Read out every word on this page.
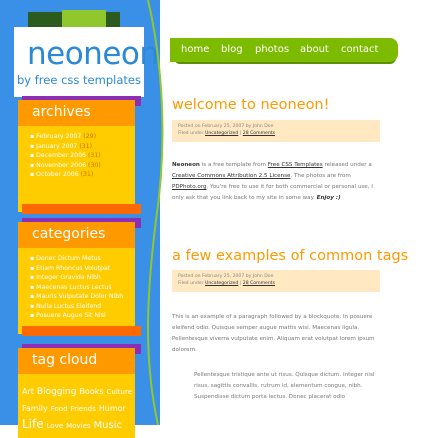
neoneon
by free css templates
archives
▪ February 2007 (29)
▪ January 2007 (31)
▪ December 2006 (31)
▪ November 2006 (30)
▪ October 2006 (31)
categories
▪ Donec Dictum Metus
▪ Etiam Rhoncus Volutpat
▪ Integer Gravida Nibh
▪ Maecenas Luctus Lectus
▪ Mauris Vulputate Dolor Nibh
▪ Nulla Luctus Eleifend
▪ Posuere Augue Sit Nisl
tag cloud
Art Blogging Books CultureFamily Food Friends HumorLife Love Movies Music
home blog photos about contact
welcome to neoneon!
Posted on February 25, 2007 by John Doe
Filed under Uncategorized | 28 Comments
Neoneon is a free template from Free CSS Templates released under a Creative Commons Attribution 2.5 License. The photos are from PDPhoto.org. You're free to use it for both commercial or personal use, I only ask that you link back to my site in some way. Enjoy :)
a few examples of common tags
Posted on February 25, 2007 by John Doe
Filed under Uncategorized | 28 Comments
This is an example of a paragraph followed by a blockquote. In posuere eleifend odio. Quisque semper augue mattis wisi. Maecenas ligula. Pellentesque viverra vulputate enim. Aliquam erat volutpat lorem ipsum dolorem.
Pellentesque tristique ante ut risus. Quisque dictum. Integer nisl risus, sagittis convallis, rutrum id, elementum congue, nibh. Suspendisse dictum porta lectus. Donec placerat odio
